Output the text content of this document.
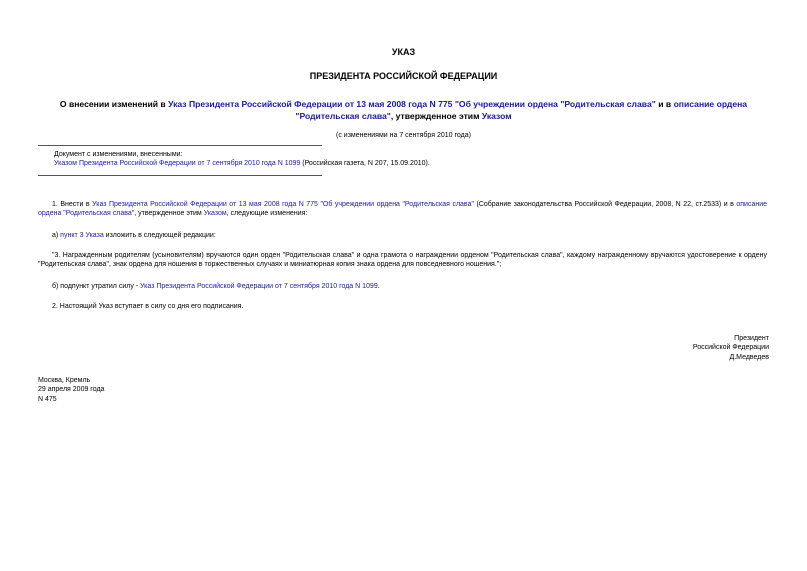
УКАЗ
ПРЕЗИДЕНТА РОССИЙСКОЙ ФЕДЕРАЦИИ
О внесении изменений в Указ Президента Российской Федерации от 13 мая 2008 года N 775 "Об учреждении ордена "Родительская слава" и в описание ордена "Родительская слава", утвержденное этим Указом
(с изменениями на 7 сентября 2010 года)
Документ с изменениями, внесенными:
Указом Президента Российской Федерации от 7 сентября 2010 года N 1099 (Российская газета, N 207, 15.09.2010).
1. Внести в Указ Президента Российской Федерации от 13 мая 2008 года N 775 "Об учреждении ордена "Родительская слава" (Собрание законодательства Российской Федерации, 2008, N 22, ст.2533) и в описание ордена "Родительская слава", утвержденное этим Указом, следующие изменения:
а) пункт 3 Указа изложить в следующей редакции:
"3. Награжденным родителям (усыновителям) вручаются один орден "Родительская слава" и одна грамота о награждении орденом "Родительская слава", каждому награжденному вручаются удостоверение к ордену "Родительская слава", знак ордена для ношения в торжественных случаях и миниатюрная копия знака ордена для повседневного ношения.";
б) подпункт утратил силу - Указ Президента Российской Федерации от 7 сентября 2010 года N 1099.
2. Настоящий Указ вступает в силу со дня его подписания.
Президент
Российской Федерации
Д.Медведев
Москва, Кремль
29 апреля 2009 года
N 475
